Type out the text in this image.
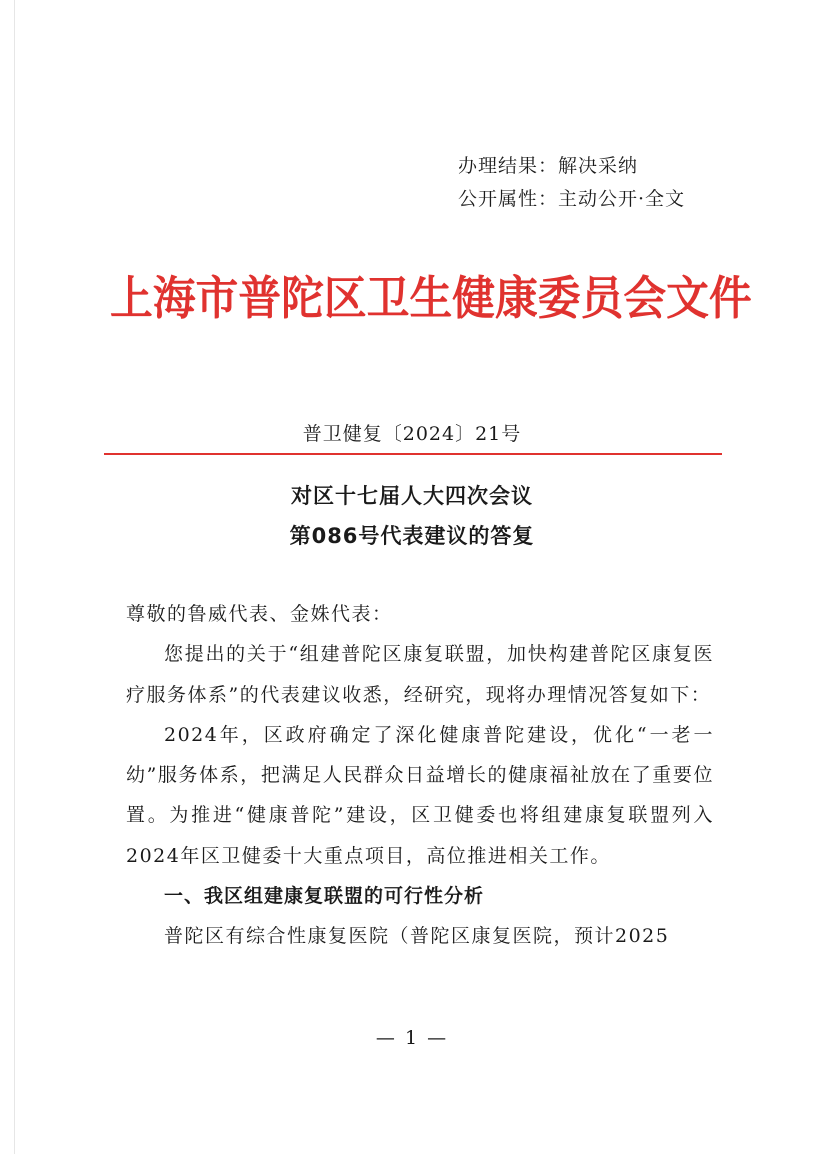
办理结果：解决采纳
公开属性：主动公开·全文
上海市普陀区卫生健康委员会文件
普卫健复〔2024〕21号
对区十七届人大四次会议
第086号代表建议的答复

尊敬的鲁威代表、金姝代表：

您提出的关于“组建普陀区康复联盟，加快构建普陀区康复医疗服务体系”的代表建议收悉，经研究，现将办理情况答复如下：

2024年，区政府确定了深化健康普陀建设，优化“一老一幼”服务体系，把满足人民群众日益增长的健康福祉放在了重要位置。为推进“健康普陀”建设，区卫健委也将组建康复联盟列入2024年区卫健委十大重点项目，高位推进相关工作。

一、我区组建康复联盟的可行性分析

普陀区有综合性康复医院（普陀区康复医院，预计2025

— 1 —
